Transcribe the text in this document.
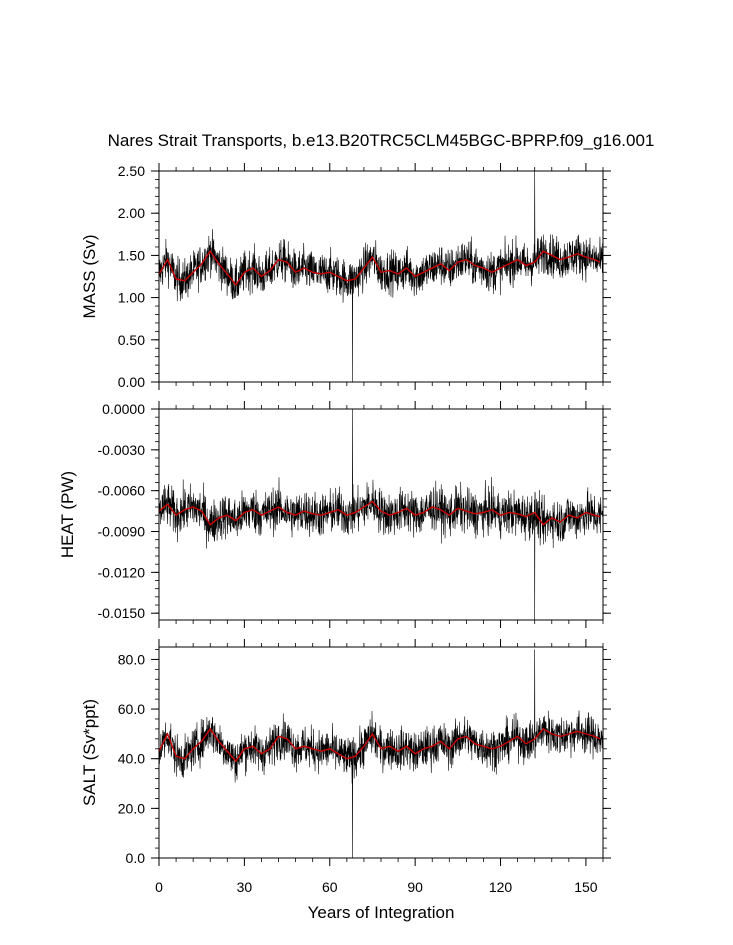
Nares Strait Transports, b.e13.B20TRC5CLM45BGC-BPRP.f09_g16.001
0.00
0.50
1.00
1.50
2.00
2.50
MASS (Sv)
0.0000
-0.0030
-0.0060
-0.0090
-0.0120
-0.0150
HEAT (PW)
0.0
20.0
40.0
60.0
80.0
SALT (Sv*ppt)
0	30	60	90	120	150
Years of Integration
